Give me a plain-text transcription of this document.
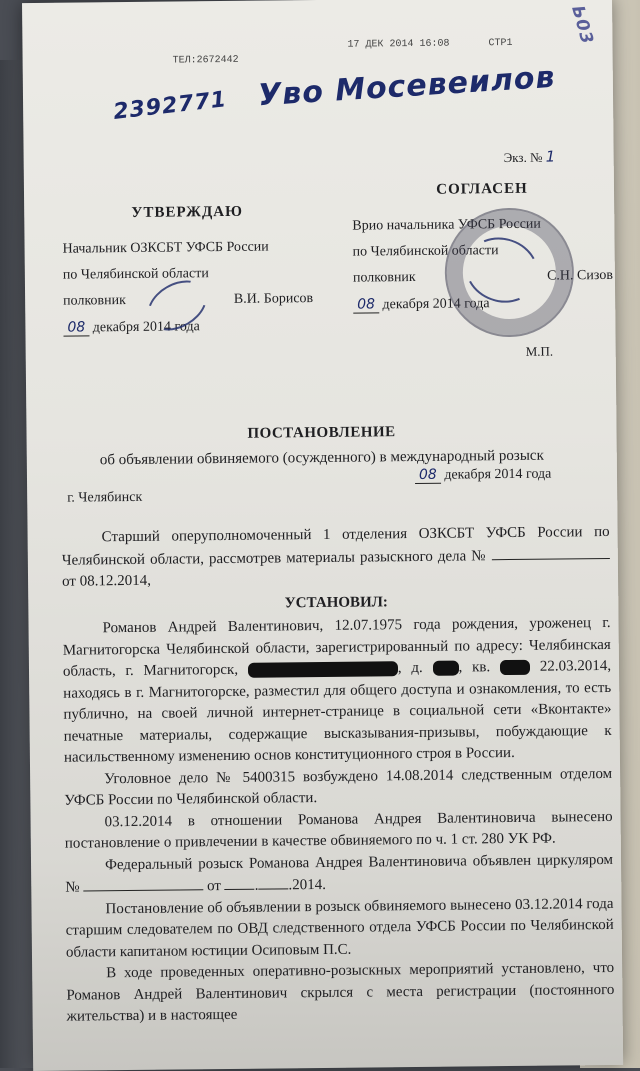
ТЕЛ:2672442
17 ДЕК 2014 16:08	СТР1
2392771 Уво Мосевеилов
Ь03
Экз. № 1
УТВЕРЖДАЮ
Начальник ОЗКСБТ УФСБ России
по Челябинской области
полковник	В.И. Борисов
08 декабря 2014 года
СОГЛАСЕН
Врио начальника УФСБ России
по Челябинской области
полковник	С.Н. Сизов
08 декабря 2014 года
М.П.
ПОСТАНОВЛЕНИЕ
об объявлении обвиняемого (осужденного) в международный розыск
08 декабря 2014 года
г. Челябинск

Старший оперуполномоченный 1 отделения ОЗКСБТ УФСБ России по Челябинской области, рассмотрев материалы разыскного дела №  от 08.12.2014,

УСТАНОВИЛ:

Романов Андрей Валентинович, 12.07.1975 года рождения, уроженец г. Магнитогорска Челябинской области, зарегистрированный по адресу: Челябинская область, г. Магнитогорск,	, д. , кв.	22.03.2014, находясь в г. Магнитогорске, разместил для общего доступа и ознакомления, то есть публично, на своей личной интернет-странице в социальной сети «Вконтакте» печатные материалы, содержащие высказывания-призывы, побуждающие к насильственному изменению основ конституционного строя в России.

Уголовное дело № 5400315 возбуждено 14.08.2014 следственным отделом УФСБ России по Челябинской области.

03.12.2014 в отношении Романова Андрея Валентиновича вынесено постановление о привлечении в качестве обвиняемого по ч. 1 ст. 280 УК РФ.

Федеральный розыск Романова Андрея Валентиновича объявлен циркуляром №	от . .2014.

Постановление об объявлении в розыск обвиняемого вынесено 03.12.2014 года старшим следователем по ОВД следственного отдела УФСБ России по Челябинской области капитаном юстиции Осиповым П.С.

В ходе проведенных оперативно-розыскных мероприятий установлено, что Романов Андрей Валентинович скрылся с места регистрации (постоянного жительства) и в настоящее
